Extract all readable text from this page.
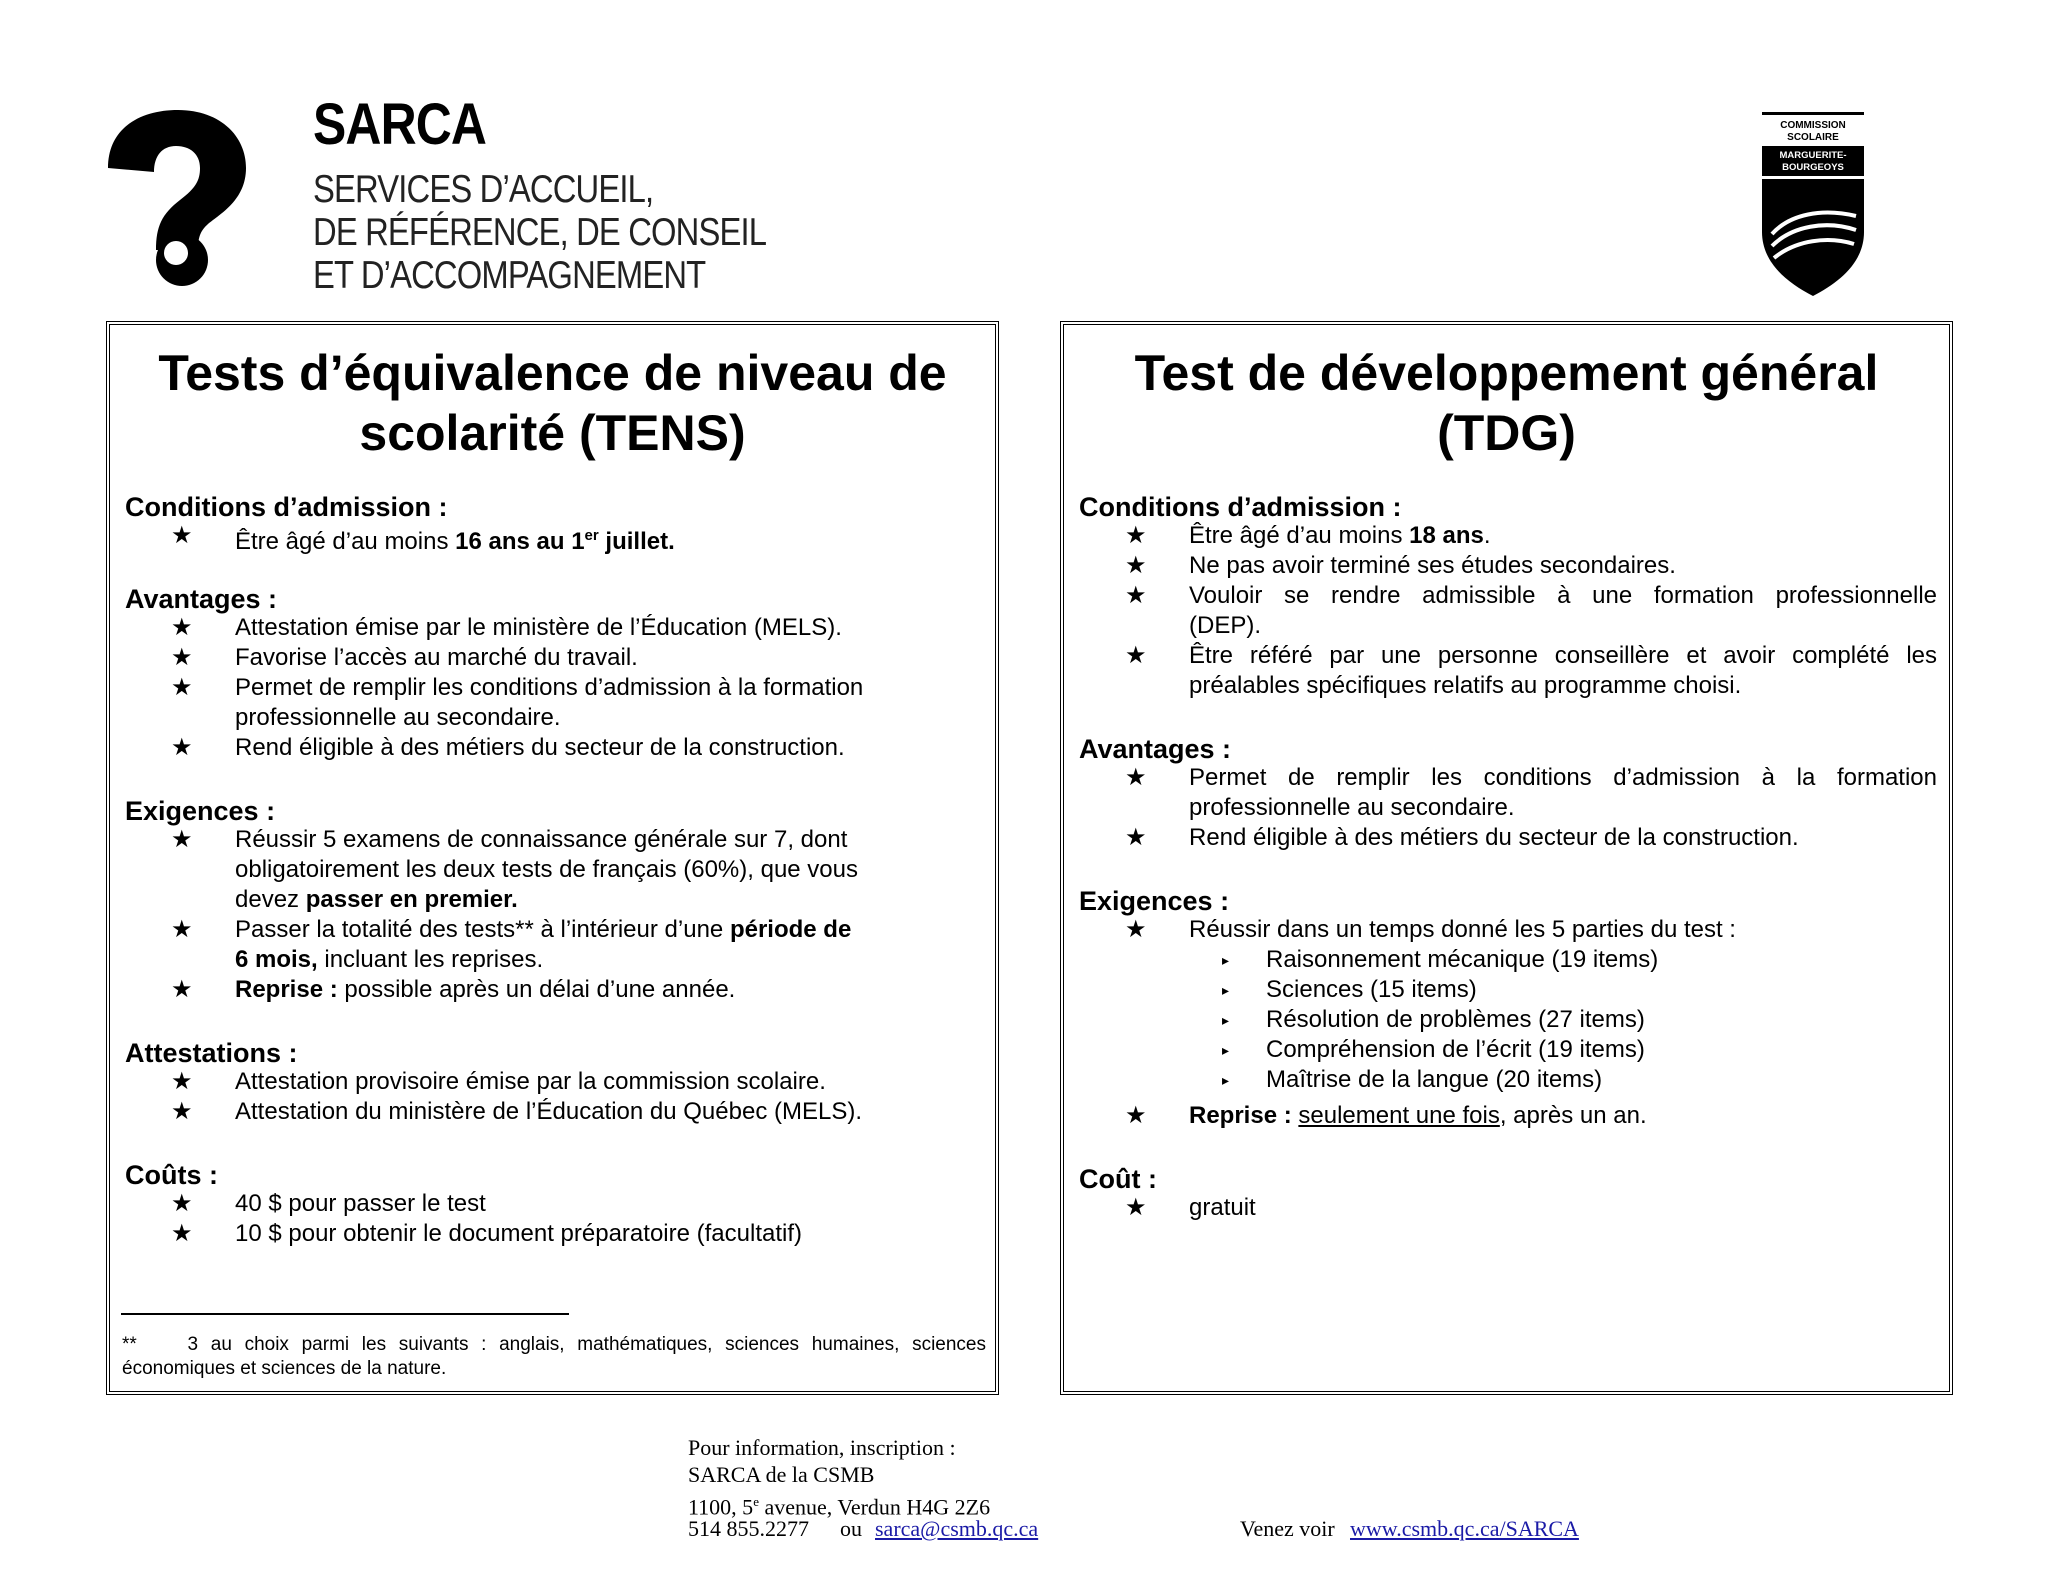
SARCA
SERVICES D’ACCUEIL,
DE RÉFÉRENCE, DE CONSEIL
ET D’ACCOMPAGNEMENT
COMMISSION
SCOLAIRE
MARGUERITE-
BOURGEOYS
Tests d’équivalence de niveau de
scolarité (TENS)
Conditions d’admission :
★ Être âgé d’au moins 16 ans au 1er juillet.
Avantages :
★ Attestation émise par le ministère de l’Éducation (MELS).
★ Favorise l’accès au marché du travail.
★ Permet de remplir les conditions d’admission à la formation
professionnelle au secondaire.
★ Rend éligible à des métiers du secteur de la construction.
Exigences :
★ Réussir 5 examens de connaissance générale sur 7, dont
obligatoirement les deux tests de français (60%), que vous
devez passer en premier.
★ Passer la totalité des tests** à l’intérieur d’une période de
6 mois, incluant les reprises.
★ Reprise : possible après un délai d’une année.
Attestations :
★ Attestation provisoire émise par la commission scolaire.
★ Attestation du ministère de l’Éducation du Québec (MELS).
Coûts :
★ 40 $ pour passer le test
★ 10 $ pour obtenir le document préparatoire (facultatif)
**	3 au choix parmi les suivants : anglais, mathématiques, sciences humaines, sciences économiques et sciences de la nature.
Test de développement général
(TDG)
Conditions d’admission :
★ Être âgé d’au moins 18 ans.
★ Ne pas avoir terminé ses études secondaires.
★ Vouloir se rendre admissible à une formation professionnelle
(DEP).
★ Être référé par une personne conseillère et avoir complété les
préalables spécifiques relatifs au programme choisi.
Avantages :
★ Permet de remplir les conditions d’admission à la formation
professionnelle au secondaire.
★ Rend éligible à des métiers du secteur de la construction.
Exigences :
★ Réussir dans un temps donné les 5 parties du test :
▸ Raisonnement mécanique (19 items)
▸ Sciences (15 items)
▸ Résolution de problèmes (27 items)
▸ Compréhension de l’écrit (19 items)
▸ Maîtrise de la langue (20 items)
★ Reprise : seulement une fois, après un an.
Coût :
★ gratuit
Pour information, inscription :
SARCA de la CSMB
1100, 5e avenue, Verdun H4G 2Z6
514 855.2277 ou sarca@csmb.qc.ca	Venez voir www.csmb.qc.ca/SARCA
